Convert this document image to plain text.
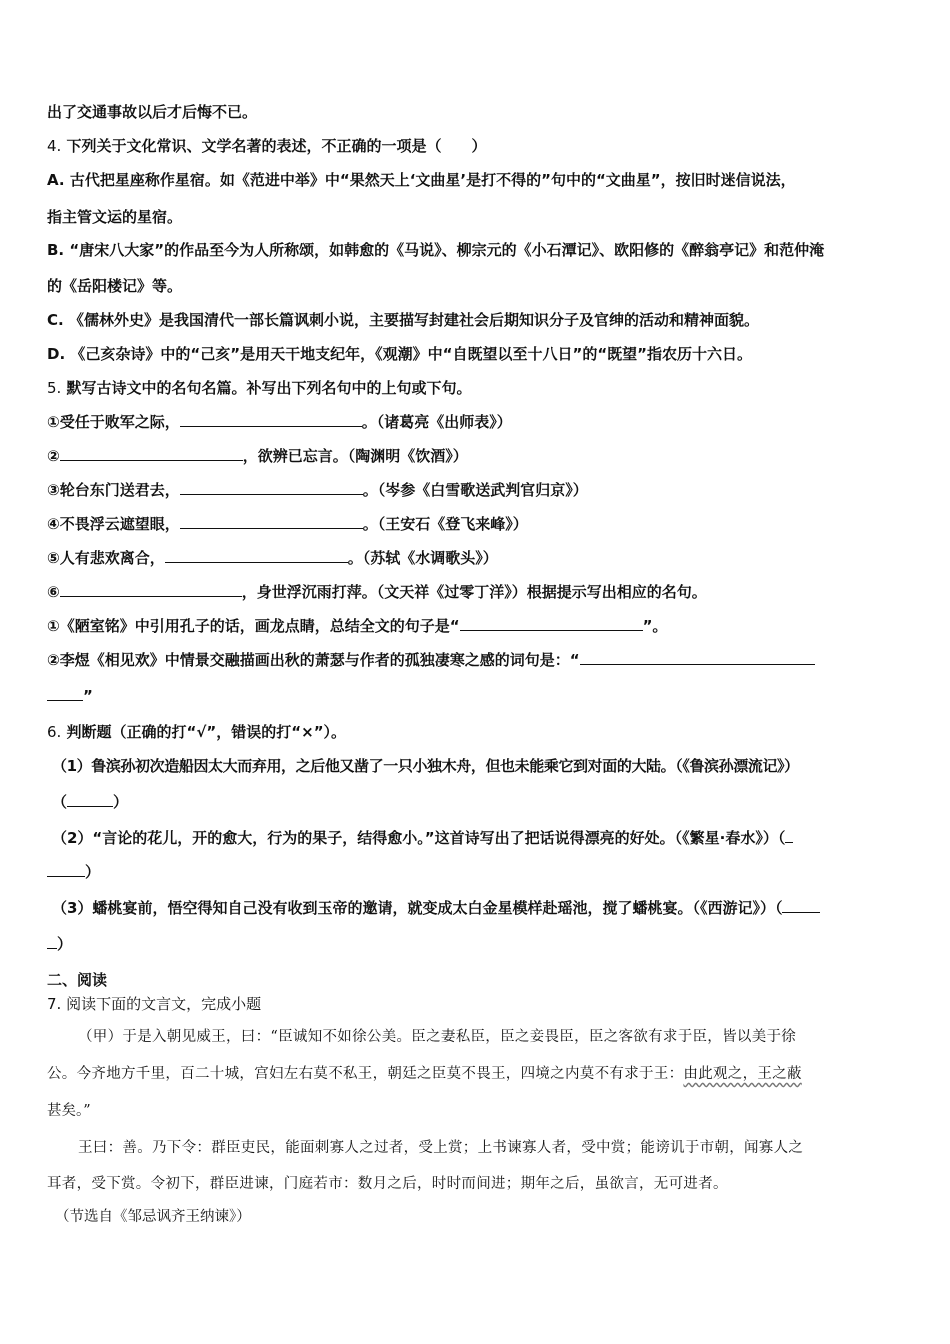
出了交通事故以后才后悔不已。
4. 下列关于文化常识、文学名著的表述，不正确的一项是（　　）
A. 古代把星座称作星宿。如《范进中举》中“果然天上‘文曲星’是打不得的”句中的“文曲星”，按旧时迷信说法，
指主管文运的星宿。
B. “唐宋八大家”的作品至今为人所称颂，如韩愈的《马说》、柳宗元的《小石潭记》、欧阳修的《醉翁亭记》和范仲淹
的《岳阳楼记》等。
C. 《儒林外史》是我国清代一部长篇讽刺小说，主要描写封建社会后期知识分子及官绅的活动和精神面貌。
D. 《己亥杂诗》中的“己亥”是用天干地支纪年，《观潮》中“自既望以至十八日”的“既望”指农历十六日。
5. 默写古诗文中的名句名篇。补写出下列名句中的上句或下句。
①受任于败军之际，	。（诸葛亮《出师表》）
②	，欲辨已忘言。（陶渊明《饮酒》）
③轮台东门送君去，	。（岑参《白雪歌送武判官归京》）
④不畏浮云遮望眼，	。（王安石《登飞来峰》）
⑤人有悲欢离合，	。（苏轼《水调歌头》）
⑥	，身世浮沉雨打萍。（文天祥《过零丁洋》）根据提示写出相应的名句。
①《陋室铭》中引用孔子的话，画龙点睛，总结全文的句子是“	”。
②李煜《相见欢》中情景交融描画出秋的萧瑟与作者的孤独凄寒之感的词句是：“
”
6. 判断题（正确的打“√”，错误的打“×”）。
（1）鲁滨孙初次造船因太大而弃用，之后他又凿了一只小独木舟，但也未能乘它到对面的大陆。（《鲁滨孙漂流记》）
（	）
（2）“言论的花儿，开的愈大，行为的果子，结得愈小。”这首诗写出了把话说得漂亮的好处。（《繁星·春水》）（
）
（3）蟠桃宴前，悟空得知自己没有收到玉帝的邀请，就变成太白金星模样赴瑶池，搅了蟠桃宴。（《西游记》）（
）
二、阅读
7. 阅读下面的文言文，完成小题
（甲）于是入朝见威王，曰：“臣诚知不如徐公美。臣之妻私臣，臣之妾畏臣，臣之客欲有求于臣，皆以美于徐
公。今齐地方千里，百二十城，宫妇左右莫不私王，朝廷之臣莫不畏王，四境之内莫不有求于王：由此观之，王之蔽
甚矣。”
王曰：善。乃下令：群臣吏民，能面刺寡人之过者，受上赏；上书谏寡人者，受中赏；能谤讥于市朝，闻寡人之
耳者，受下赏。令初下，群臣进谏，门庭若市：数月之后，时时而间进；期年之后，虽欲言，无可进者。
（节选自《邹忌讽齐王纳谏》）
